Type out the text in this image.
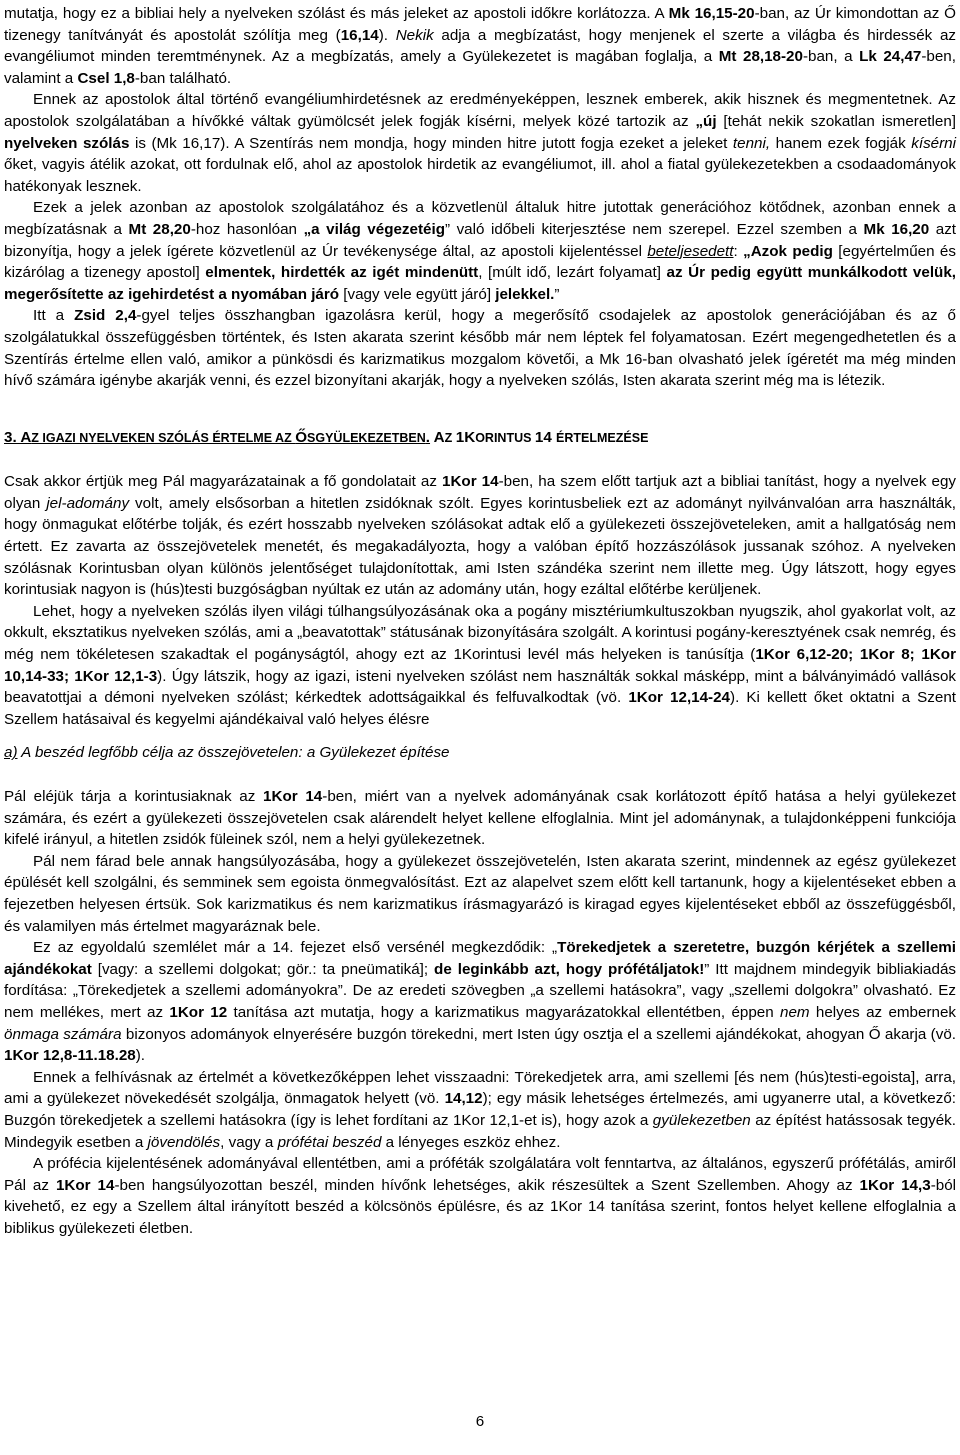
mutatja, hogy ez a bibliai hely a nyelveken szólást és más jeleket az apostoli időkre korlátozza. A Mk 16,15-20-ban, az Úr kimondottan az Ő tizenegy tanítványát és apostolát szólítja meg (16,14). Nekik adja a megbízatást, hogy menjenek el szerte a világba és hirdessék az evangéliumot minden teremtménynek. Az a megbízatás, amely a Gyülekezetet is magában foglalja, a Mt 28,18-20-ban, a Lk 24,47-ben, valamint a Csel 1,8-ban található.

Ennek az apostolok által történő evangéliumhirdetésnek az eredményeképpen, lesznek emberek, akik hisznek és megmentetnek. Az apostolok szolgálatában a hívőkké váltak gyümölcsét jelek fogják kísérni, melyek közé tartozik az „új [tehát nekik szokatlan ismeretlen] nyelveken szólás is (Mk 16,17). A Szentírás nem mondja, hogy minden hitre jutott fogja ezeket a jeleket tenni, hanem ezek fogják kísérni őket, vagyis átélik azokat, ott fordulnak elő, ahol az apostolok hirdetik az evangéliumot, ill. ahol a fiatal gyülekezetekben a csodaadományok hatékonyak lesznek.

Ezek a jelek azonban az apostolok szolgálatához és a közvetlenül általuk hitre jutottak generációhoz kötődnek, azonban ennek a megbízatásnak a Mt 28,20-hoz hasonlóan „a világ végezetéig” való időbeli kiterjesztése nem szerepel. Ezzel szemben a Mk 16,20 azt bizonyítja, hogy a jelek ígérete közvetlenül az Úr tevékenysége által, az apostoli kijelentéssel beteljesedett: „Azok pedig [egyértelműen és kizárólag a tizenegy apostol] elmentek, hirdették az igét mindenütt, [múlt idő, lezárt folyamat] az Úr pedig együtt munkálkodott velük, megerősítette az igehirdetést a nyomában járó [vagy vele együtt járó] jelekkel.”

Itt a Zsid 2,4-gyel teljes összhangban igazolásra kerül, hogy a megerősítő csodajelek az apostolok generációjában és az ő szolgálatukkal összefüggésben történtek, és Isten akarata szerint később már nem léptek fel folyamatosan. Ezért megengedhetetlen és a Szentírás értelme ellen való, amikor a pünkösdi és karizmatikus mozgalom követői, a Mk 16-ban olvasható jelek ígéretét ma még minden hívő számára igénybe akarják venni, és ezzel bizonyítani akarják, hogy a nyelveken szólás, Isten akarata szerint még ma is létezik.

3. AZ IGAZI NYELVEKEN SZÓLÁS ÉRTELME AZ ŐSGYÜLEKEZETBEN. AZ 1KORINTUS 14 ÉRTELMEZÉSE

Csak akkor értjük meg Pál magyarázatainak a fő gondolatait az 1Kor 14-ben, ha szem előtt tartjuk azt a bibliai tanítást, hogy a nyelvek egy olyan jel-adomány volt, amely elsősorban a hitetlen zsidóknak szólt. Egyes korintusbeliek ezt az adományt nyilvánvalóan arra használták, hogy önmagukat előtérbe tolják, és ezért hosszabb nyelveken szólásokat adtak elő a gyülekezeti összejöveteleken, amit a hallgatóság nem értett. Ez zavarta az összejövetelek menetét, és megakadályozta, hogy a valóban építő hozzászólások jussanak szóhoz. A nyelveken szólásnak Korintusban olyan különös jelentőséget tulajdonítottak, ami Isten szándéka szerint nem illette meg. Úgy látszott, hogy egyes korintusiak nagyon is (hús)testi buzgóságban nyúltak ez után az adomány után, hogy ezáltal előtérbe kerüljenek.

Lehet, hogy a nyelveken szólás ilyen világi túlhangsúlyozásának oka a pogány misztériumkultuszokban nyugszik, ahol gyakorlat volt, az okkult, eksztatikus nyelveken szólás, ami a „beavatottak” státusának bizonyítására szolgált. A korintusi pogány-keresztyének csak nemrég, és még nem tökéletesen szakadtak el pogányságtól, ahogy ezt az 1Korintusi levél más helyeken is tanúsítja (1Kor 6,12-20; 1Kor 8; 1Kor 10,14-33; 1Kor 12,1-3). Úgy látszik, hogy az igazi, isteni nyelveken szólást nem használták sokkal másképp, mint a bálványimádó vallások beavatottjai a démoni nyelveken szólást; kérkedtek adottságaikkal és felfuvalkodtak (vö. 1Kor 12,14-24). Ki kellett őket oktatni a Szent Szellem hatásaival és kegyelmi ajándékaival való helyes élésre

a) A beszéd legfőbb célja az összejövetelen: a Gyülekezet építése

Pál eléjük tárja a korintusiaknak az 1Kor 14-ben, miért van a nyelvek adományának csak korlátozott építő hatása a helyi gyülekezet számára, és ezért a gyülekezeti összejövetelen csak alárendelt helyet kellene elfoglalnia. Mint jel adománynak, a tulajdonképpeni funkciója kifelé irányul, a hitetlen zsidók füleinek szól, nem a helyi gyülekezetnek.

Pál nem fárad bele annak hangsúlyozásába, hogy a gyülekezet összejövetelén, Isten akarata szerint, mindennek az egész gyülekezet épülését kell szolgálni, és semminek sem egoista önmegvalósítást. Ezt az alapelvet szem előtt kell tartanunk, hogy a kijelentéseket ebben a fejezetben helyesen értsük. Sok karizmatikus és nem karizmatikus írásmagyarázó is kiragad egyes kijelentéseket ebből az összefüggésből, és valamilyen más értelmet magyaráznak bele.

Ez az egyoldalú szemlélet már a 14. fejezet első versénél megkezdődik: „Törekedjetek a szeretetre, buzgón kérjétek a szellemi ajándékokat [vagy: a szellemi dolgokat; gör.: ta pneümatiká]; de leginkább azt, hogy prófétáljatok!” Itt majdnem mindegyik bibliakiadás fordítása: „Törekedjetek a szellemi adományokra”. De az eredeti szövegben „a szellemi hatásokra”, vagy „szellemi dolgokra” olvasható. Ez nem mellékes, mert az 1Kor 12 tanítása azt mutatja, hogy a karizmatikus magyarázatokkal ellentétben, éppen nem helyes az embernek önmaga számára bizonyos adományok elnyerésére buzgón törekedni, mert Isten úgy osztja el a szellemi ajándékokat, ahogyan Ő akarja (vö. 1Kor 12,8-11.18.28).

Ennek a felhívásnak az értelmét a következőképpen lehet visszaadni: Törekedjetek arra, ami szellemi [és nem (hús)testi-egoista], arra, ami a gyülekezet növekedését szolgálja, önmagatok helyett (vö. 14,12); egy másik lehetséges értelmezés, ami ugyanerre utal, a következő: Buzgón törekedjetek a szellemi hatásokra (így is lehet fordítani az 1Kor 12,1-et is), hogy azok a gyülekezetben az építést hatássosak tegyék. Mindegyik esetben a jövendölés, vagy a prófétai beszéd a lényeges eszköz ehhez.

A prófécia kijelentésének adományával ellentétben, ami a próféták szolgálatára volt fenntartva, az általános, egyszerű prófétálás, amiről Pál az 1Kor 14-ben hangsúlyozottan beszél, minden hívőnk lehetséges, akik részesültek a Szent Szellemben. Ahogy az 1Kor 14,3-ból kivehető, ez egy a Szellem által irányított beszéd a kölcsönös épülésre, és az 1Kor 14 tanítása szerint, fontos helyet kellene elfoglalnia a biblikus gyülekezeti életben.

6
